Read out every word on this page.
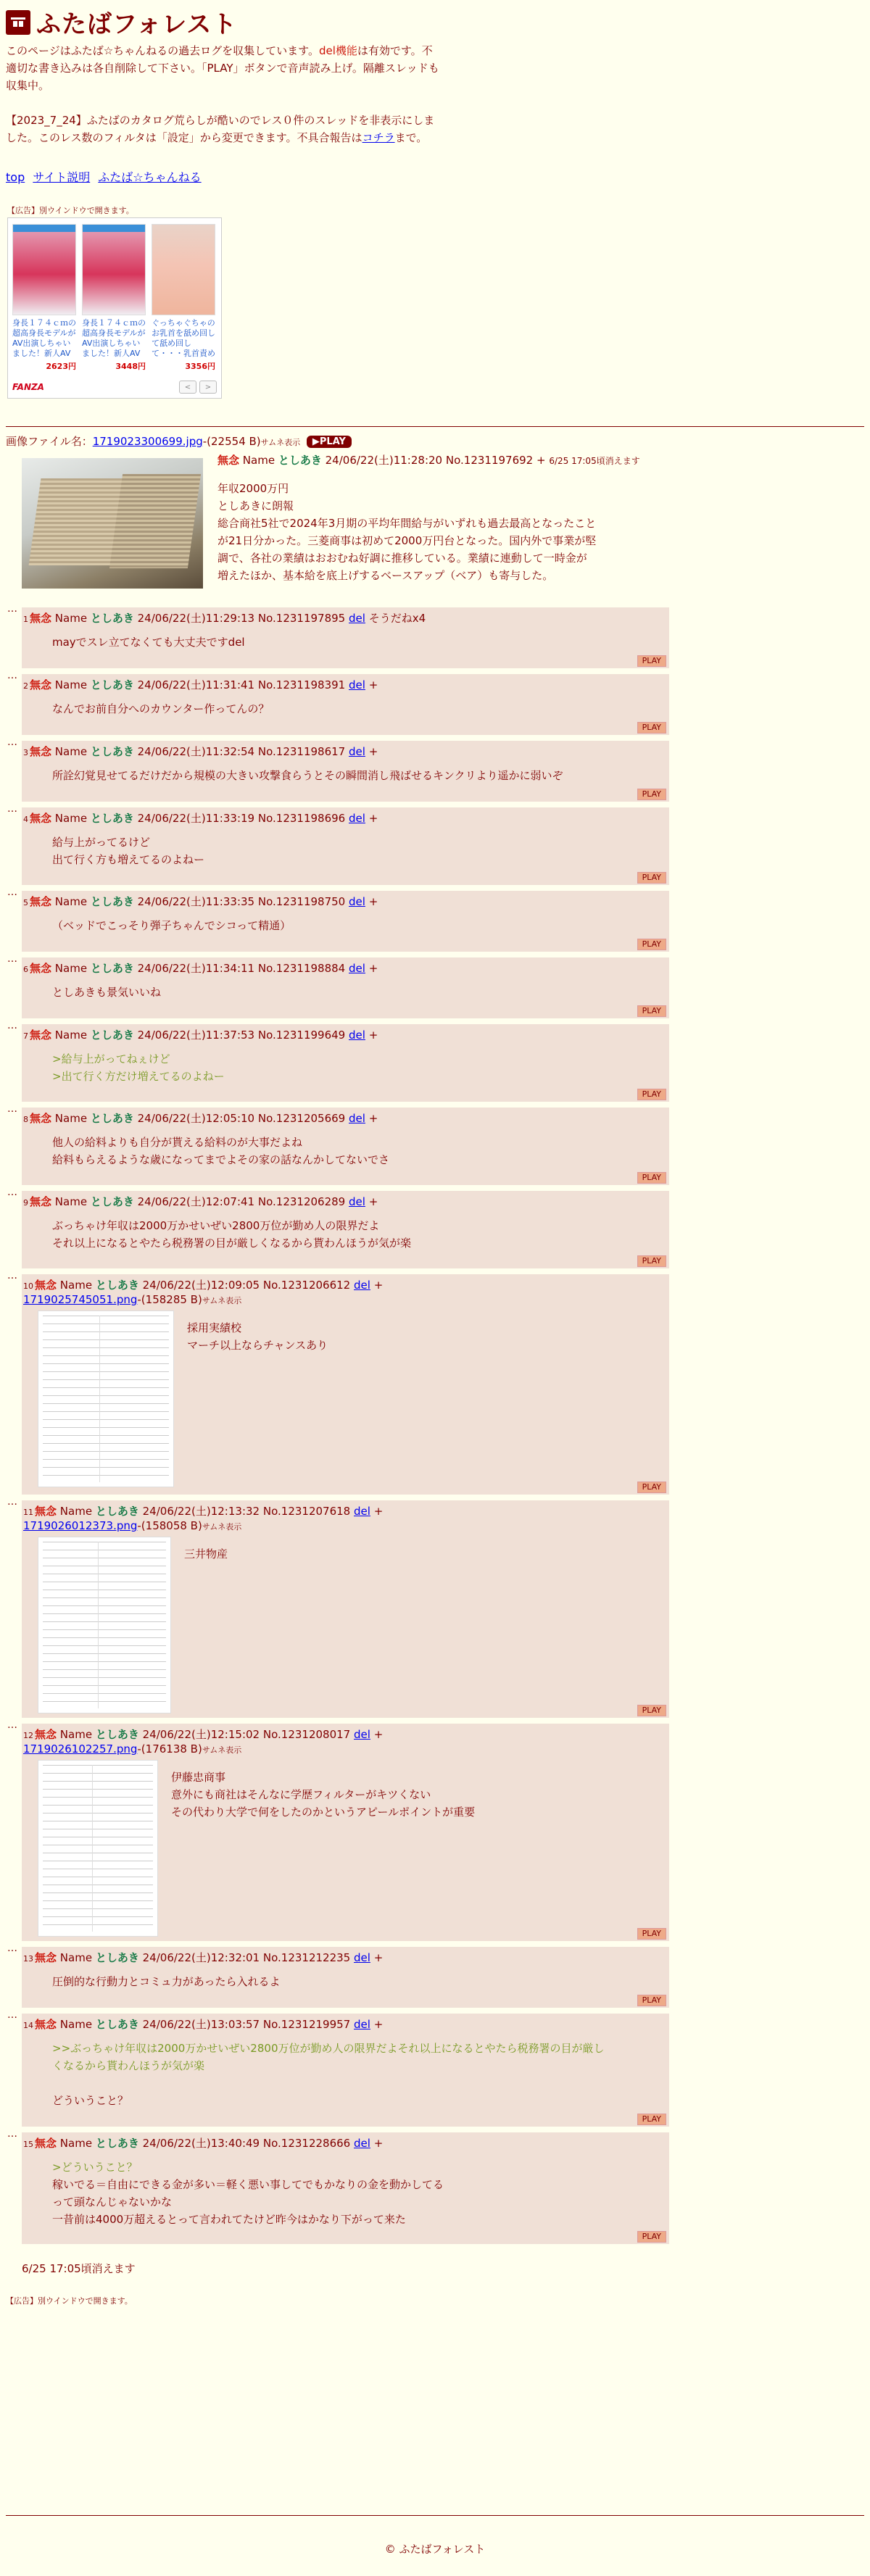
ふたばフォレスト
このページはふたば☆ちゃんねるの過去ログを収集しています。del機能は有効です。不適切な書き込みは各自削除して下さい。「PLAY」ボタンで音声読み上げ。隔離スレッドも収集中。

【2023_7_24】ふたばのカタログ荒らしが酷いのでレス０件のスレッドを非表示にしました。このレス数のフィルタは「設定」から変更できます。不具合報告はコチラまで。
top サイト説明 ふたば☆ちゃんねる
【広告】別ウインドウで開きます。
身長１７４ｃｍの超高身長モデルがAV出演しちゃいました！新人AV
2623円
身長１７４ｃｍの超高身長モデルがAV出演しちゃいました！新人AV
3448円
ぐっちゃぐちゃのお乳首を舐め回して舐め回して・・・乳首責め
3356円
FANZA	<	>
画像ファイル名：1719023300699.jpg-(22554 B)サムネ表示 ▶PLAY
無念 Name としあき 24/06/22(土)11:28:20 No.1231197692 + 6/25 17:05頃消えます
年収2000万円
としあきに朗報
総合商社5社で2024年3月期の平均年間給与がいずれも過去最高となったこと
が21日分かった。三菱商事は初めて2000万円台となった。国内外で事業が堅
調で、各社の業績はおおむね好調に推移している。業績に連動して一時金が
増えたほか、基本給を底上げするベースアップ（ベア）も寄与した。
…
1 無念 Name としあき 24/06/22(土)11:29:13 No.1231197895 del そうだねx4
mayでスレ立てなくても大丈夫ですdel
PLAY
…
2 無念 Name としあき 24/06/22(土)11:31:41 No.1231198391 del +
なんでお前自分へのカウンター作ってんの？
PLAY
…
3 無念 Name としあき 24/06/22(土)11:32:54 No.1231198617 del +
所詮幻覚見せてるだけだから規模の大きい攻撃食らうとその瞬間消し飛ばせるキンクリより遥かに弱いぞ
PLAY
…
4 無念 Name としあき 24/06/22(土)11:33:19 No.1231198696 del +
給与上がってるけど
出て行く方も増えてるのよねー
PLAY
…
5 無念 Name としあき 24/06/22(土)11:33:35 No.1231198750 del +
（ベッドでこっそり弾子ちゃんでシコって精通）
PLAY
…
6 無念 Name としあき 24/06/22(土)11:34:11 No.1231198884 del +
としあきも景気いいね
PLAY
…
7 無念 Name としあき 24/06/22(土)11:37:53 No.1231199649 del +
>給与上がってねぇけど
>出て行く方だけ増えてるのよねー
PLAY
…
8 無念 Name としあき 24/06/22(土)12:05:10 No.1231205669 del +
他人の給料よりも自分が貰える給料のが大事だよね
給料もらえるような歳になってまでよその家の話なんかしてないでさ
PLAY
…
9 無念 Name としあき 24/06/22(土)12:07:41 No.1231206289 del +
ぶっちゃけ年収は2000万かせいぜい2800万位が勤め人の限界だよ
それ以上になるとやたら税務署の目が厳しくなるから貰わんほうが気が楽
PLAY
…
10 無念 Name としあき 24/06/22(土)12:09:05 No.1231206612 del +
1719025745051.png-(158285 B)サムネ表示
採用実績校
マーチ以上ならチャンスあり
PLAY
…
11 無念 Name としあき 24/06/22(土)12:13:32 No.1231207618 del +
1719026012373.png-(158058 B)サムネ表示
三井物産
PLAY
…
12 無念 Name としあき 24/06/22(土)12:15:02 No.1231208017 del +
1719026102257.png-(176138 B)サムネ表示
伊藤忠商事
意外にも商社はそんなに学歴フィルターがキツくない
その代わり大学で何をしたのかというアピールポイントが重要
PLAY
…
13 無念 Name としあき 24/06/22(土)12:32:01 No.1231212235 del +
圧倒的な行動力とコミュ力があったら入れるよ
PLAY
…
14 無念 Name としあき 24/06/22(土)13:03:57 No.1231219957 del +
>>ぶっちゃけ年収は2000万かせいぜい2800万位が勤め人の限界だよそれ以上になるとやたら税務署の目が厳し
くなるから貰わんほうが気が楽

どういうこと？
PLAY
…
15 無念 Name としあき 24/06/22(土)13:40:49 No.1231228666 del +
>どういうこと？
稼いでる＝自由にできる金が多い＝軽く悪い事してでもかなりの金を動かしてる
って頭なんじゃないかな
一昔前は4000万超えるとって言われてたけど昨今はかなり下がって来た
PLAY
6/25 17:05頃消えます
【広告】別ウインドウで開きます。
© ふたばフォレスト
